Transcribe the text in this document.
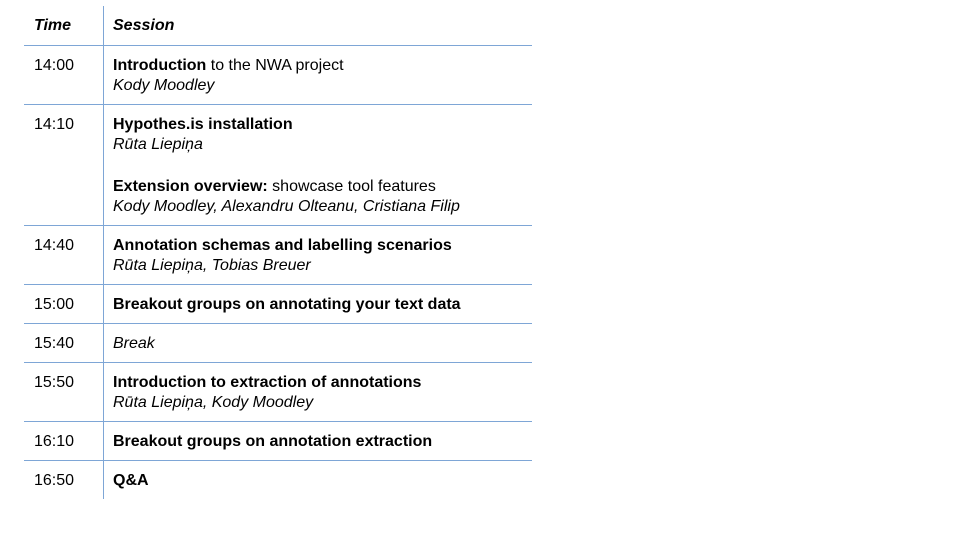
Time	Session
14:00	Introduction to the NWA project
Kody Moodley
14:10	Hypothes.is installation
Rūta Liepiņa
Extension overview: showcase tool features
Kody Moodley, Alexandru Olteanu, Cristiana Filip
14:40	Annotation schemas and labelling scenarios
Rūta Liepiņa, Tobias Breuer
15:00	Breakout groups on annotating your text data
15:40	Break
15:50	Introduction to extraction of annotations
Rūta Liepiņa, Kody Moodley
16:10	Breakout groups on annotation extraction
16:50	Q&A
